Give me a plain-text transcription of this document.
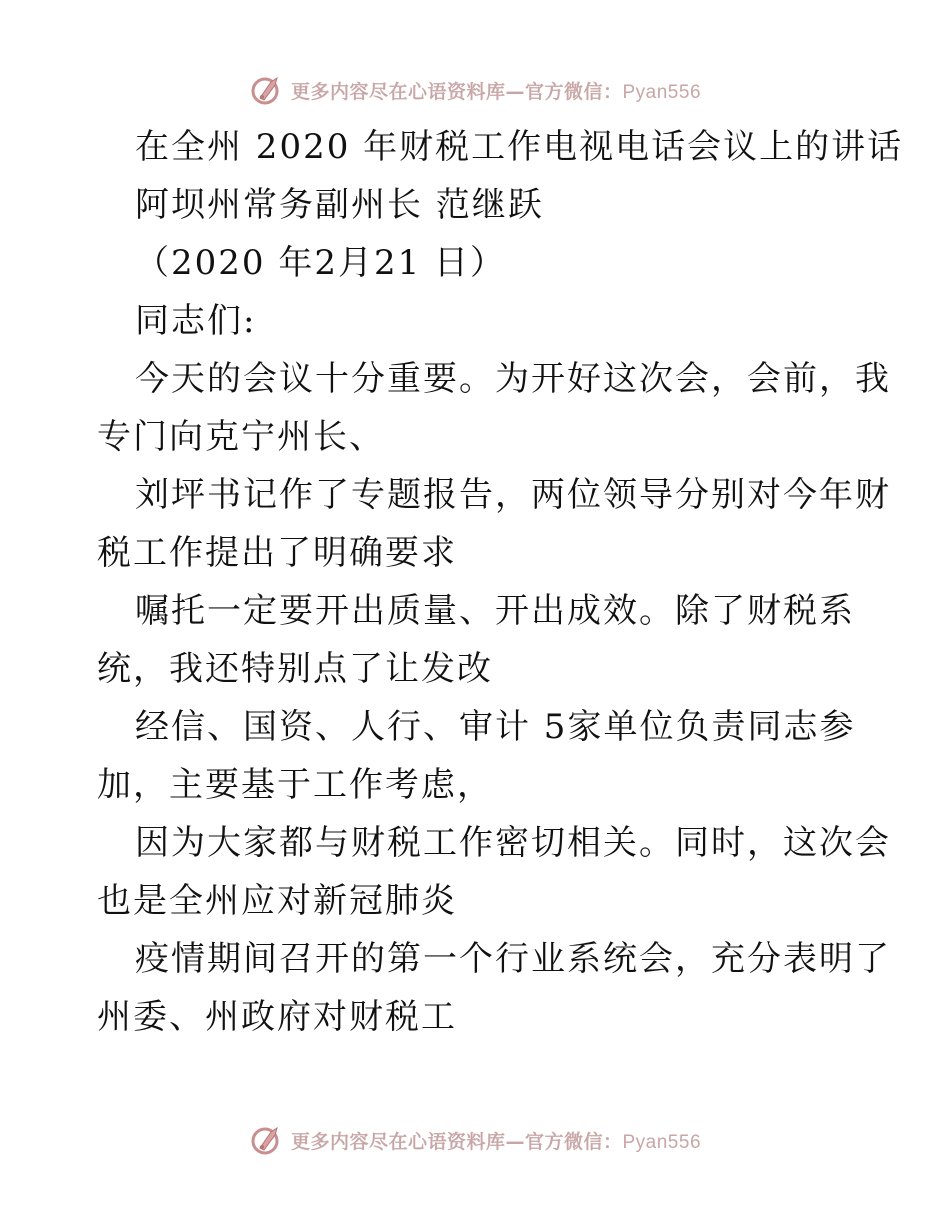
更多内容尽在心语资料库—官方微信：Pyan556
在全州 2020 年财税工作电视电话会议上的讲话
阿坝州常务副州长 范继跃
（2020 年2月21 日）
同志们:
今天的会议十分重要。为开好这次会，会前，我
专门向克宁州长、
刘坪书记作了专题报告，两位领导分别对今年财
税工作提出了明确要求
嘱托一定要开出质量、开出成效。除了财税系
统，我还特别点了让发改
经信、国资、人行、审计 5家单位负责同志参
加，主要基于工作考虑，
因为大家都与财税工作密切相关。同时，这次会
也是全州应对新冠肺炎
疫情期间召开的第一个行业系统会，充分表明了
州委、州政府对财税工
更多内容尽在心语资料库—官方微信：Pyan556
